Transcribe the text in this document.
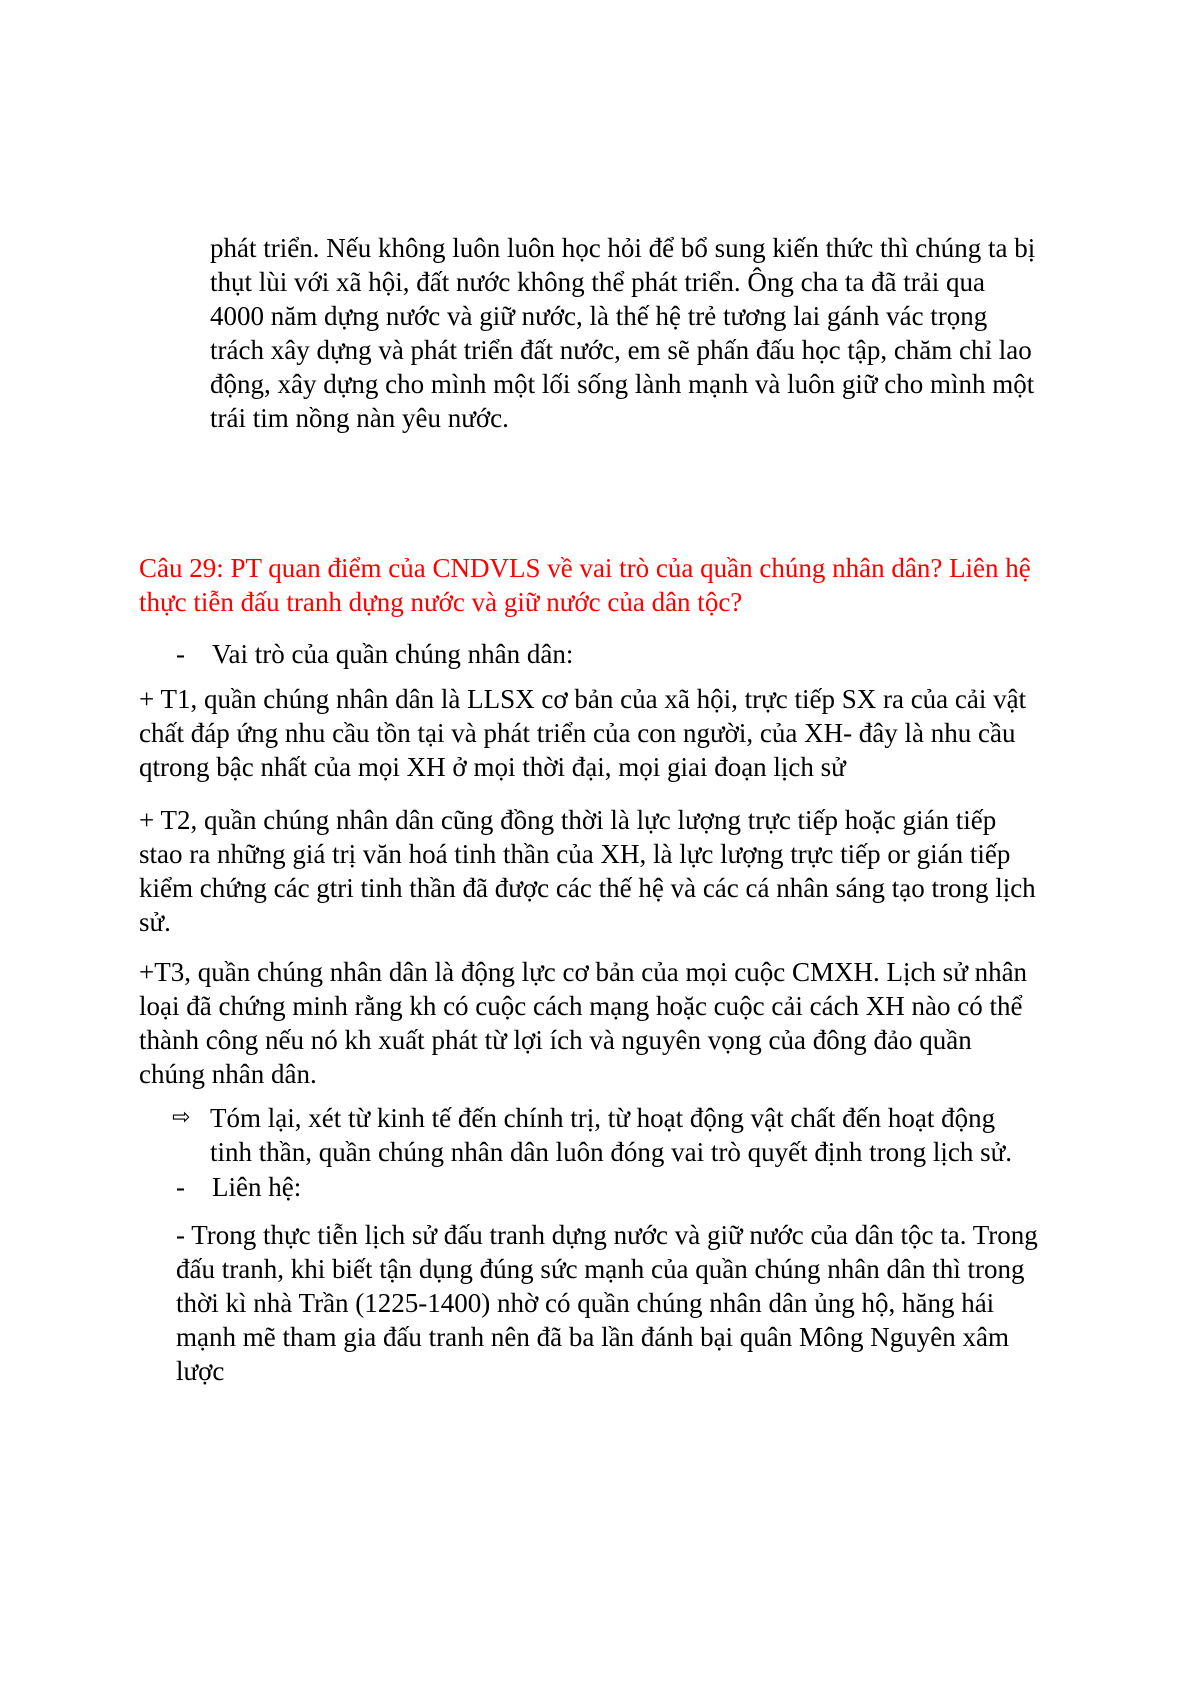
phát triển. Nếu không luôn luôn học hỏi để bổ sung kiến thức thì chúng ta bị
thụt lùi với xã hội, đất nước không thể phát triển. Ông cha ta đã trải qua
4000 năm dựng nước và giữ nước, là thế hệ trẻ tương lai gánh vác trọng
trách xây dựng và phát triển đất nước, em sẽ phấn đấu học tập, chăm chỉ lao
động, xây dựng cho mình một lối sống lành mạnh và luôn giữ cho mình một
trái tim nồng nàn yêu nước.
Câu 29: PT quan điểm của CNDVLS về vai trò của quần chúng nhân dân? Liên hệ
thực tiễn đấu tranh dựng nước và giữ nước của dân tộc?
- Vai trò của quần chúng nhân dân:
+ T1, quần chúng nhân dân là LLSX cơ bản của xã hội, trực tiếp SX ra của cải vật
chất đáp ứng nhu cầu tồn tại và phát triển của con người, của XH- đây là nhu cầu
qtrong bậc nhất của mọi XH ở mọi thời đại, mọi giai đoạn lịch sử
+ T2, quần chúng nhân dân cũng đồng thời là lực lượng trực tiếp hoặc gián tiếp
stao ra những giá trị văn hoá tinh thần của XH, là lực lượng trực tiếp or gián tiếp
kiểm chứng các gtri tinh thần đã được các thế hệ và các cá nhân sáng tạo trong lịch
sử.
+T3, quần chúng nhân dân là động lực cơ bản của mọi cuộc CMXH. Lịch sử nhân
loại đã chứng minh rằng kh có cuộc cách mạng hoặc cuộc cải cách XH nào có thể
thành công nếu nó kh xuất phát từ lợi ích và nguyên vọng của đông đảo quần
chúng nhân dân.
⇨ Tóm lại, xét từ kinh tế đến chính trị, từ hoạt động vật chất đến hoạt động
tinh thần, quần chúng nhân dân luôn đóng vai trò quyết định trong lịch sử.
- Liên hệ:
- Trong thực tiễn lịch sử đấu tranh dựng nước và giữ nước của dân tộc ta. Trong
đấu tranh, khi biết tận dụng đúng sức mạnh của quần chúng nhân dân thì trong
thời kì nhà Trần (1225-1400) nhờ có quần chúng nhân dân ủng hộ, hăng hái
mạnh mẽ tham gia đấu tranh nên đã ba lần đánh bại quân Mông Nguyên xâm
lược
